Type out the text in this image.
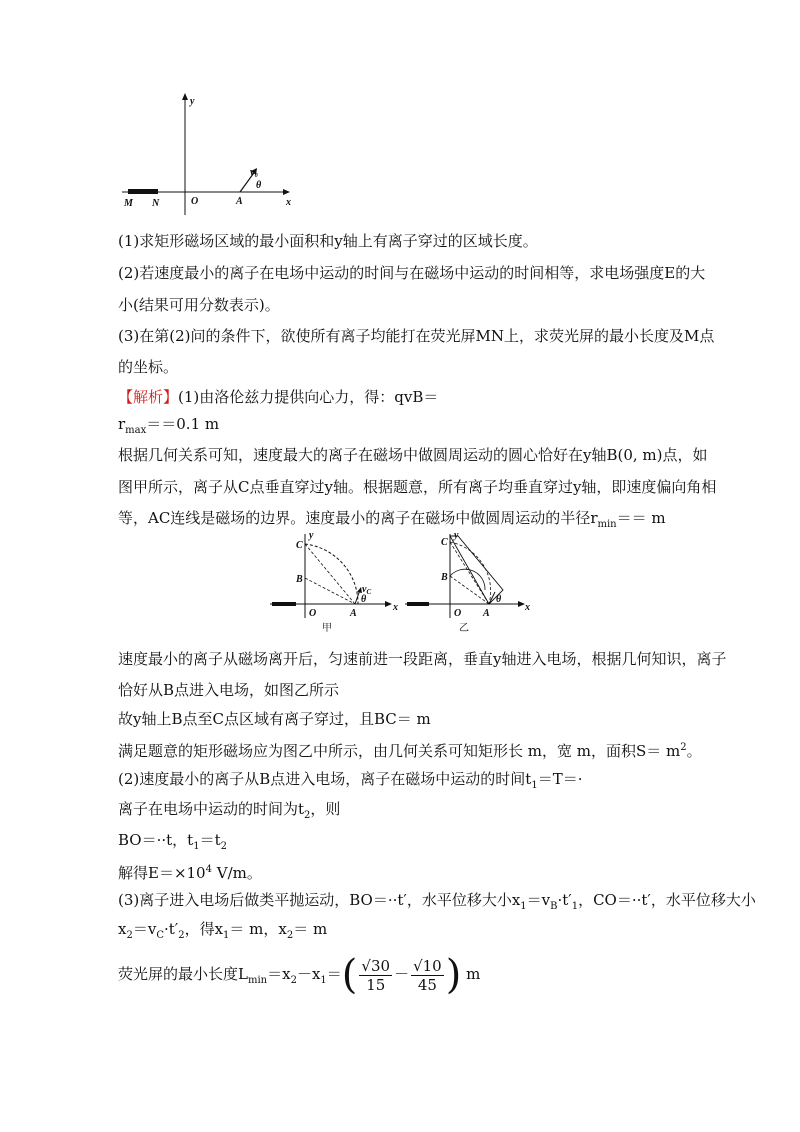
y
x
v₀
θ
M N	O	A
(1)求矩形磁场区域的最小面积和y轴上有离子穿过的区域长度。
(2)若速度最小的离子在电场中运动的时间与在磁场中运动的时间相等，求电场强度E的大
小(结果可用分数表示)。
(3)在第(2)问的条件下，欲使所有离子均能打在荧光屏MN上，求荧光屏的最小长度及M点
的坐标。
【解析】(1)由洛伦兹力提供向心力，得：qvB＝
$r_{max}==0.1$ m
根据几何关系可知，速度最大的离子在磁场中做圆周运动的圆心恰好在y轴B(0, m)点，如
图甲所示，离子从C点垂直穿过y轴。根据题意，所有离子均垂直穿过y轴，即速度偏向角相
等，AC连线是磁场的边界。速度最小的离子在磁场中做圆周运动的半径$r_{min}== m$
C
B
O	A
y
x
$v_C$
θ
甲
y
x
C
B
O A
θ
乙
速度最小的离子从磁场离开后，匀速前进一段距离，垂直y轴进入电场，根据几何知识，离子
恰好从B点进入电场，如图乙所示
故y轴上B点至C点区域有离子穿过，且BC＝ m
满足题意的矩形磁场应为图乙中所示，由几何关系可知矩形长 m，宽 m，面积$S= m^2$。
(2)速度最小的离子从B点进入电场，离子在磁场中运动的时间$t_1=T=\cdot$
离子在电场中运动的时间为$t_2$，则
BO＝··t，$t_1=t_2$
解得$E=\times 10^4$ V/m。
(3)离子进入电场后做类平抛运动，BO＝··t′，水平位移大小$x_1=v_B\cdot t'_1$，CO＝··t′，水平位移大小
$x_2=v_C\cdot t'_2$，得$x_1= m$，$x_2= m$
荧光屏的最小长度$L_{min}=x_2-x_1=( \frac{√30}{15} - \frac{√10}{45}$ ) m
